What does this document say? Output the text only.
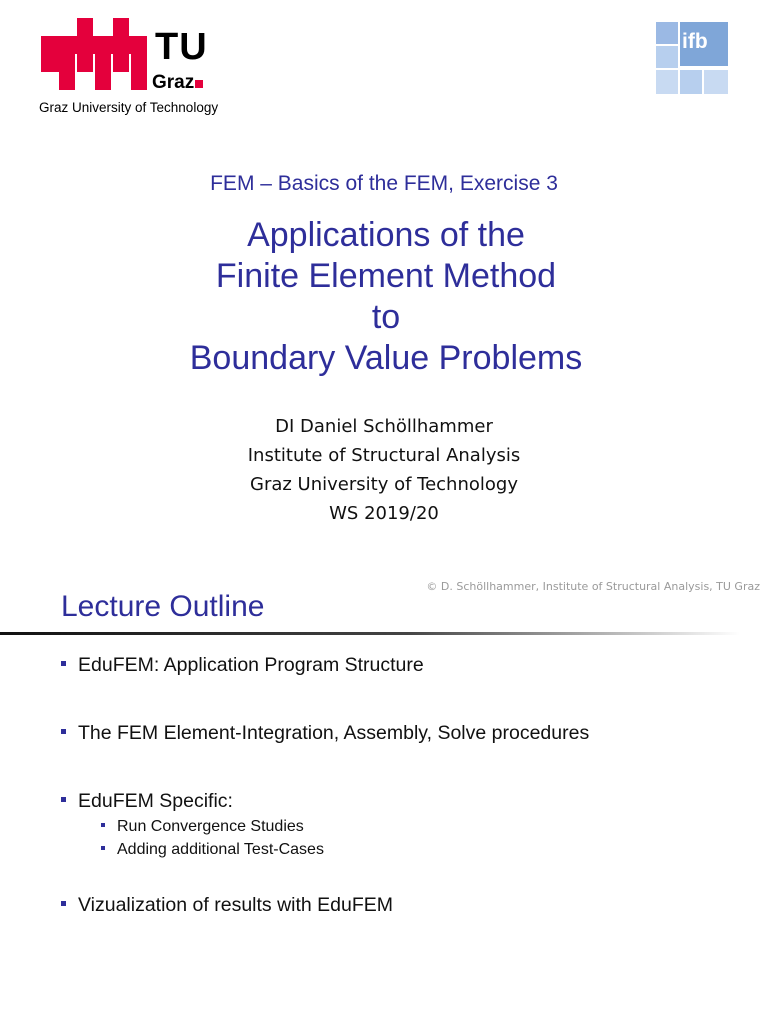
TU
Graz
Graz University of Technology
ifb
FEM – Basics of the FEM, Exercise 3
Applications of the
Finite Element Method
to
Boundary Value Problems
DI Daniel Schöllhammer
Institute of Structural Analysis
Graz University of Technology
WS 2019/20
© D. Schöllhammer, Institute of Structural Analysis, TU Graz
Lecture Outline
EduFEM: Application Program Structure
The FEM Element-Integration, Assembly, Solve procedures
EduFEM Specific:
Run Convergence Studies
Adding additional Test-Cases
Vizualization of results with EduFEM
